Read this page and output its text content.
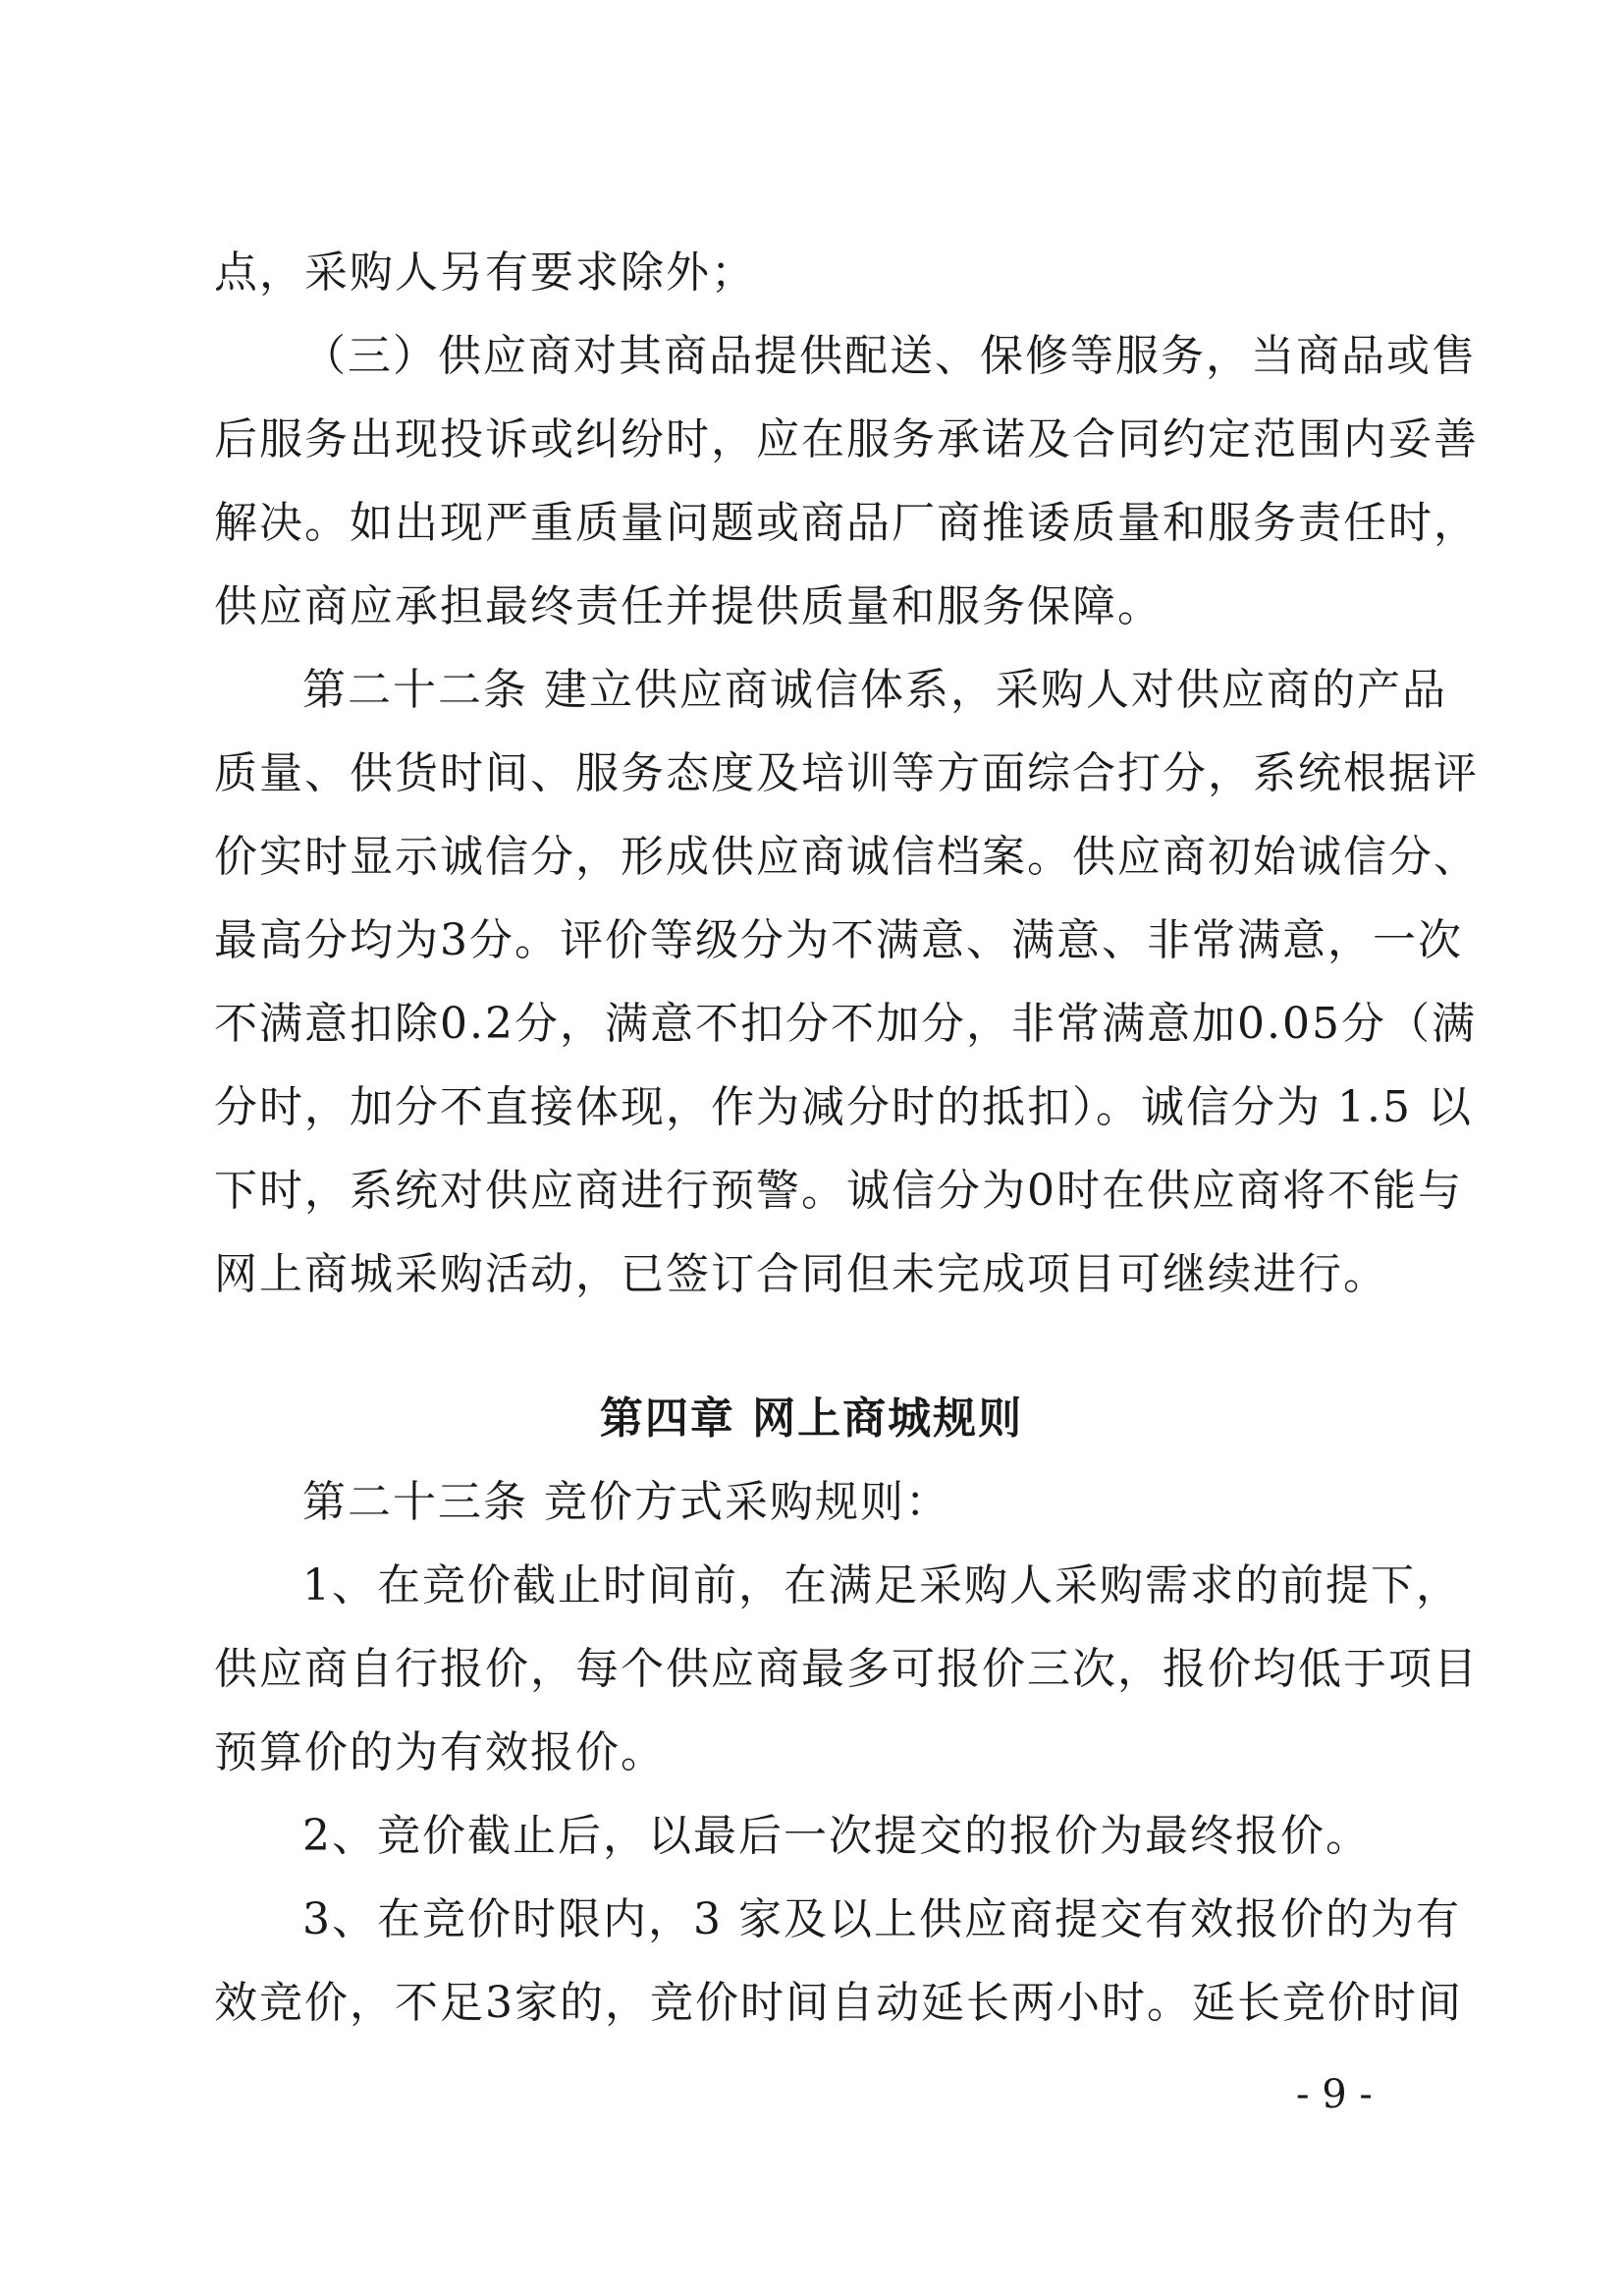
点，采购人另有要求除外；

（三）供应商对其商品提供配送、保修等服务，当商品或售

后服务出现投诉或纠纷时，应在服务承诺及合同约定范围内妥善

解决。如出现严重质量问题或商品厂商推诿质量和服务责任时，

供应商应承担最终责任并提供质量和服务保障。

第二十二条 建立供应商诚信体系，采购人对供应商的产品

质量、供货时间、服务态度及培训等方面综合打分，系统根据评

价实时显示诚信分，形成供应商诚信档案。供应商初始诚信分、

最高分均为3分。评价等级分为不满意、满意、非常满意，一次

不满意扣除0.2分，满意不扣分不加分，非常满意加0.05分（满

分时，加分不直接体现，作为减分时的抵扣）。诚信分为 1.5 以

下时，系统对供应商进行预警。诚信分为0时在供应商将不能与

网上商城采购活动，已签订合同但未完成项目可继续进行。

第四章 网上商城规则

第二十三条 竞价方式采购规则：

1、在竞价截止时间前，在满足采购人采购需求的前提下，

供应商自行报价，每个供应商最多可报价三次，报价均低于项目

预算价的为有效报价。

2、竞价截止后，以最后一次提交的报价为最终报价。

3、在竞价时限内，3 家及以上供应商提交有效报价的为有

效竞价，不足3家的，竞价时间自动延长两小时。延长竞价时间

- 9 -
